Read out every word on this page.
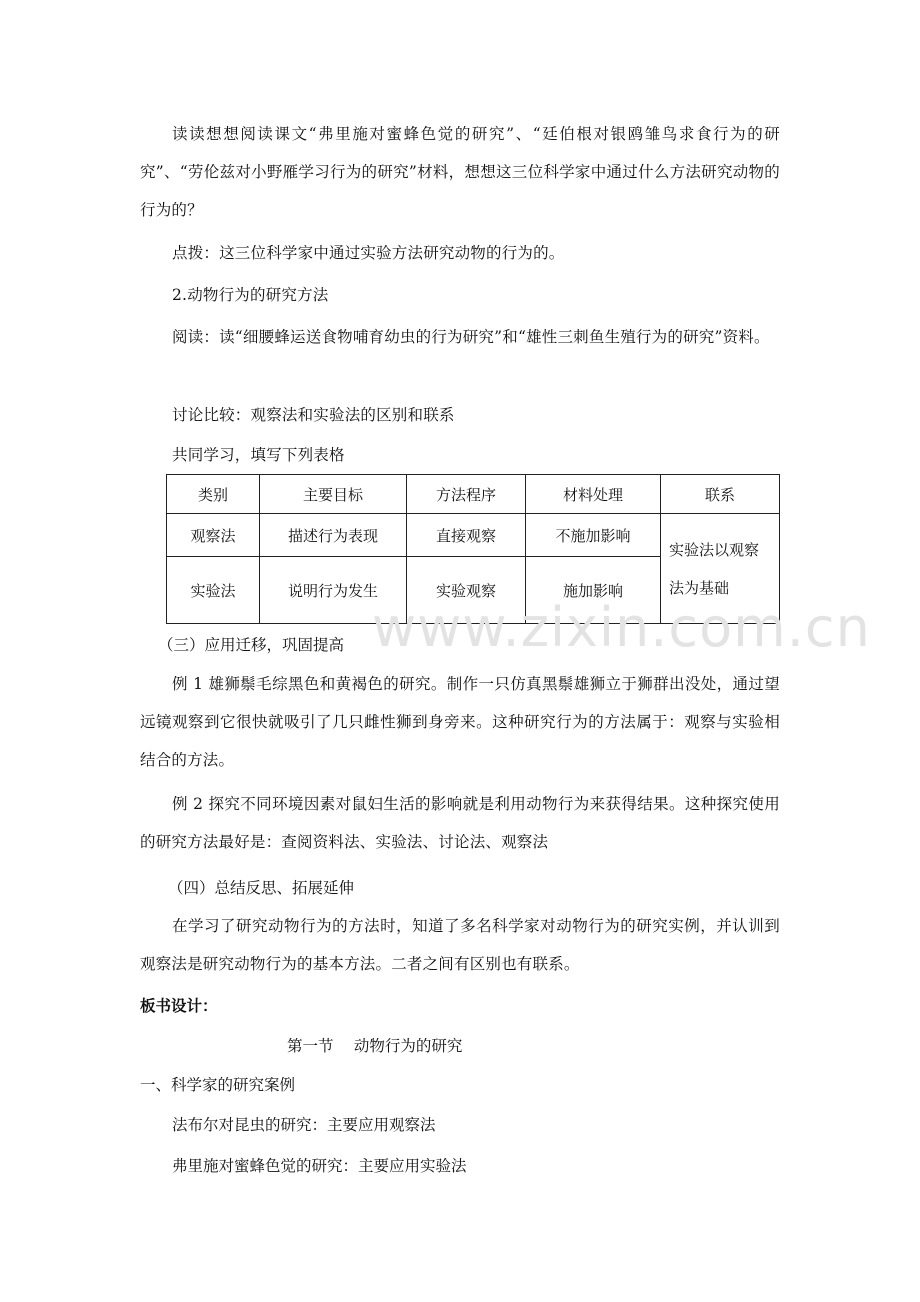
读读想想阅读课文“弗里施对蜜蜂色觉的研究”、“廷伯根对银鸥雏鸟求食行为的研究”、“劳伦兹对小野雁学习行为的研究”材料，想想这三位科学家中通过什么方法研究动物的行为的？

点拨：这三位科学家中通过实验方法研究动物的行为的。

2.动物行为的研究方法

阅读：读“细腰蜂运送食物哺育幼虫的行为研究”和“雄性三刺鱼生殖行为的研究”资料。

讨论比较：观察法和实验法的区别和联系

共同学习，填写下列表格

类别	主要目标	方法程序	材料处理	联系
观察法	描述行为表现	直接观察	不施加影响	实验法以观察法为基础
实验法	说明行为发生	实验观察	施加影响	
www.zixin.com.cn

（三）应用迁移，巩固提高

例 1 雄狮鬃毛综黑色和黄褐色的研究。制作一只仿真黑鬃雄狮立于狮群出没处，通过望远镜观察到它很快就吸引了几只雌性狮到身旁来。这种研究行为的方法属于：观察与实验相结合的方法。

例 2 探究不同环境因素对鼠妇生活的影响就是利用动物行为来获得结果。这种探究使用的研究方法最好是：查阅资料法、实验法、讨论法、观察法

（四）总结反思、拓展延伸

在学习了研究动物行为的方法时，知道了多名科学家对动物行为的研究实例，并认训到观察法是研究动物行为的基本方法。二者之间有区别也有联系。

板书设计：

第一节　 动物行为的研究

一、科学家的研究案例

法布尔对昆虫的研究：主要应用观察法

弗里施对蜜蜂色觉的研究：主要应用实验法
